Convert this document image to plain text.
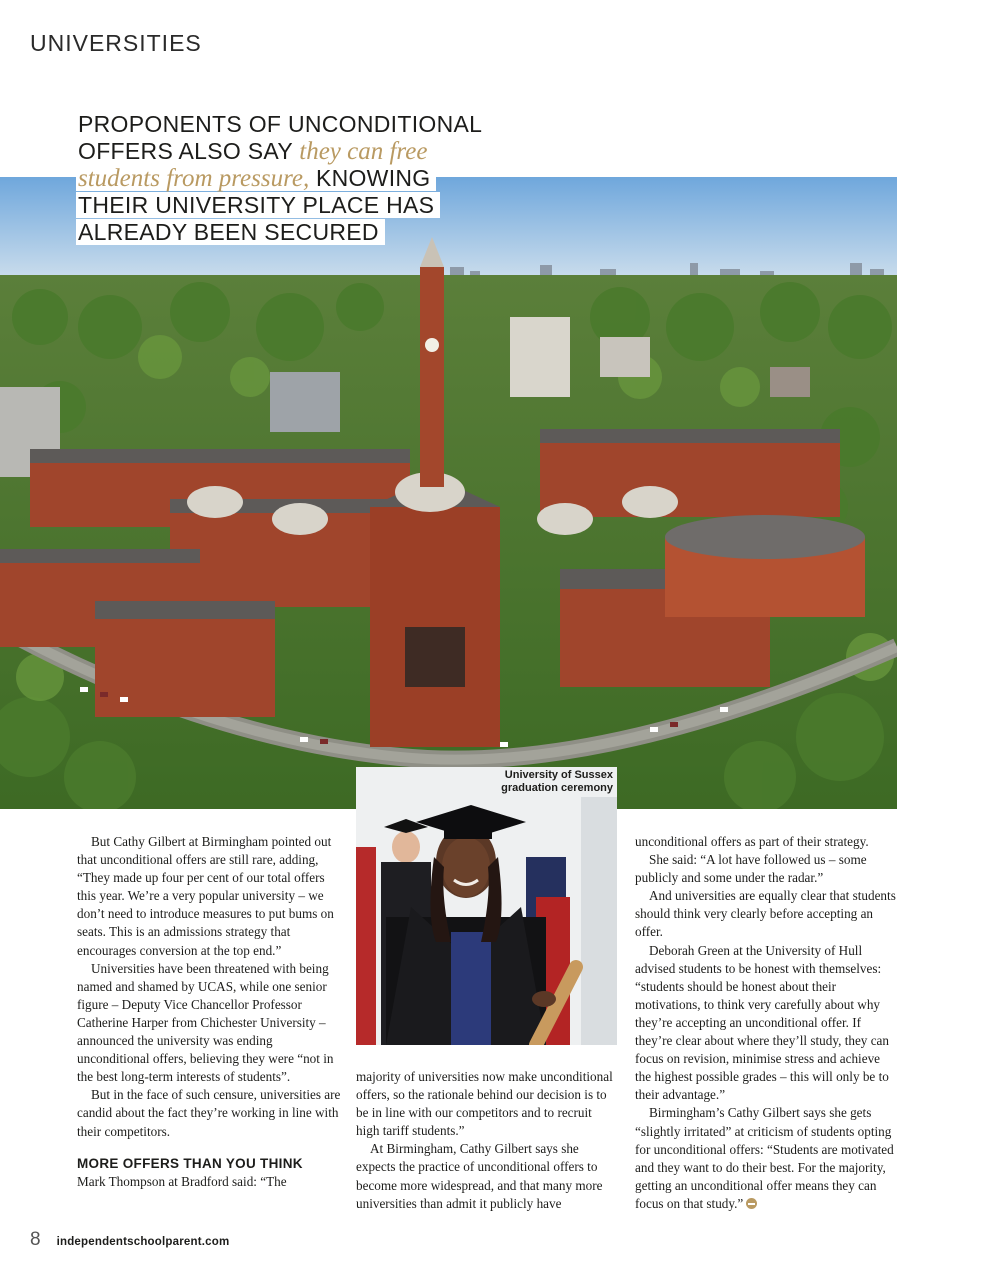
UNIVERSITIES
PROPONENTS OF UNCONDITIONAL
OFFERS ALSO SAY they can free
students from pressure, KNOWING
THEIR UNIVERSITY PLACE HAS
ALREADY BEEN SECURED
University of Sussex
graduation ceremony

But Cathy Gilbert at Birmingham pointed out that unconditional offers are still rare, adding, “They made up four per cent of our total offers this year. We’re a very popular university – we don’t need to introduce measures to put bums on seats. This is an admissions strategy that encourages conversion at the top end.”

Universities have been threatened with being named and shamed by UCAS, while one senior figure – Deputy Vice Chancellor Professor Catherine Harper from Chichester University – announced the university was ending unconditional offers, believing they were “not in the best long-term interests of students”.

But in the face of such censure, universities are candid about the fact they’re working in line with their competitors.

MORE OFFERS THAN YOU THINK

Mark Thompson at Bradford said: “The

majority of universities now make unconditional offers, so the rationale behind our decision is to be in line with our competitors and to recruit high tariff students.”

At Birmingham, Cathy Gilbert says she expects the practice of unconditional offers to become more widespread, and that many more universities than admit it publicly have

unconditional offers as part of their strategy.

She said: “A lot have followed us – some publicly and some under the radar.”

And universities are equally clear that students should think very clearly before accepting an offer.

Deborah Green at the University of Hull advised students to be honest with themselves: “students should be honest about their motivations, to think very carefully about why they’re accepting an unconditional offer. If they’re clear about where they’ll study, they can focus on revision, minimise stress and achieve the highest possible grades – this will only be to their advantage.”

Birmingham’s Cathy Gilbert says she gets “slightly irritated” at criticism of students opting for unconditional offers: “Students are motivated and they want to do their best. For the majority, getting an unconditional offer means they can focus on that study.”

8 independentschoolparent.com
